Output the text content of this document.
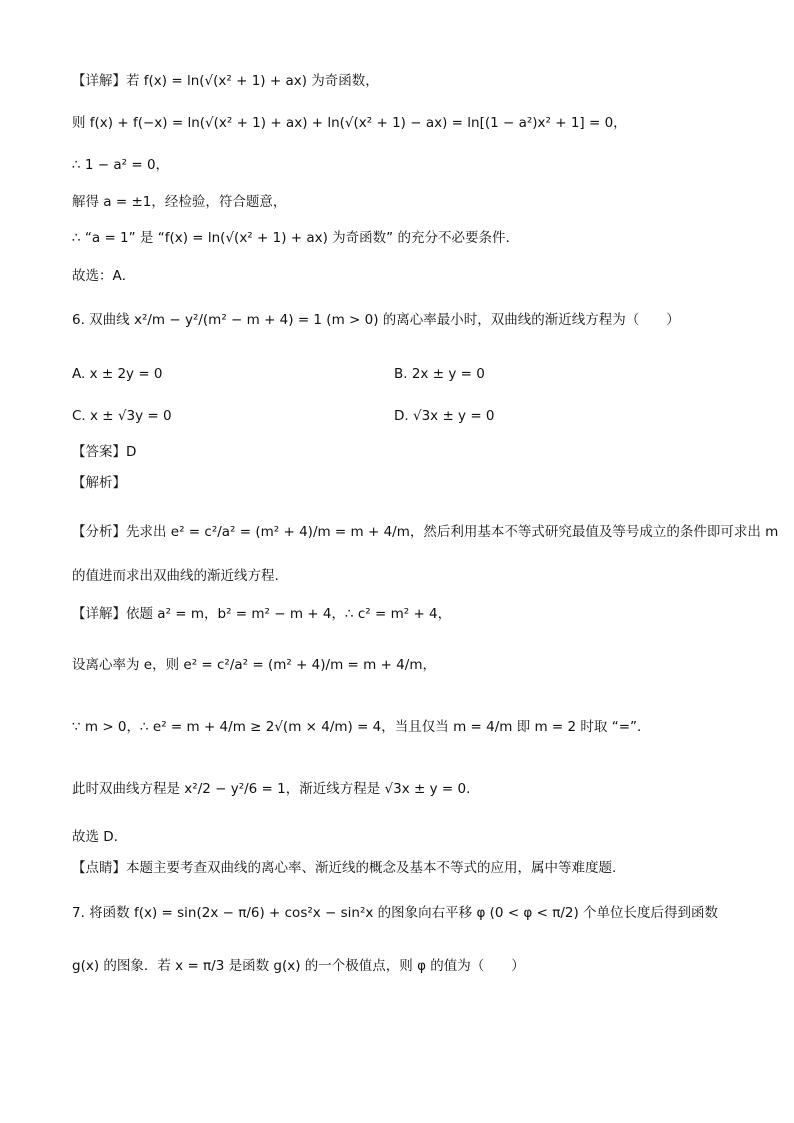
【详解】若 f(x) = ln(√(x² + 1) + ax) 为奇函数，
则 f(x) + f(−x) = ln(√(x² + 1) + ax) + ln(√(x² + 1) − ax) = ln[(1 − a²)x² + 1] = 0，
∴ 1 − a² = 0，
解得 a = ±1，经检验，符合题意，
∴ “a = 1” 是 “f(x) = ln(√(x² + 1) + ax) 为奇函数” 的充分不必要条件.
故选：A．
6. 双曲线 x²/m − y²/(m² − m + 4) = 1 (m > 0) 的离心率最小时，双曲线的渐近线方程为（　　）
A. x ± 2y = 0	B. 2x ± y = 0
C. x ± √3y = 0	D. √3x ± y = 0
【答案】D
【解析】
【分析】先求出 e² = c²/a² = (m² + 4)/m = m + 4/m，然后利用基本不等式研究最值及等号成立的条件即可求出 m
的值进而求出双曲线的渐近线方程.
【详解】依题 a² = m，b² = m² − m + 4，∴ c² = m² + 4，
设离心率为 e，则 e² = c²/a² = (m² + 4)/m = m + 4/m，
∵ m > 0，∴ e² = m + 4/m ≥ 2√(m × 4/m) = 4，当且仅当 m = 4/m 即 m = 2 时取 “=”.
此时双曲线方程是 x²/2 − y²/6 = 1，渐近线方程是 √3x ± y = 0.
故选 D.
【点睛】本题主要考查双曲线的离心率、渐近线的概念及基本不等式的应用，属中等难度题.
7. 将函数 f(x) = sin(2x − π/6) + cos²x − sin²x 的图象向右平移 φ (0 < φ < π/2) 个单位长度后得到函数
g(x) 的图象．若 x = π/3 是函数 g(x) 的一个极值点，则 φ 的值为（　　）
